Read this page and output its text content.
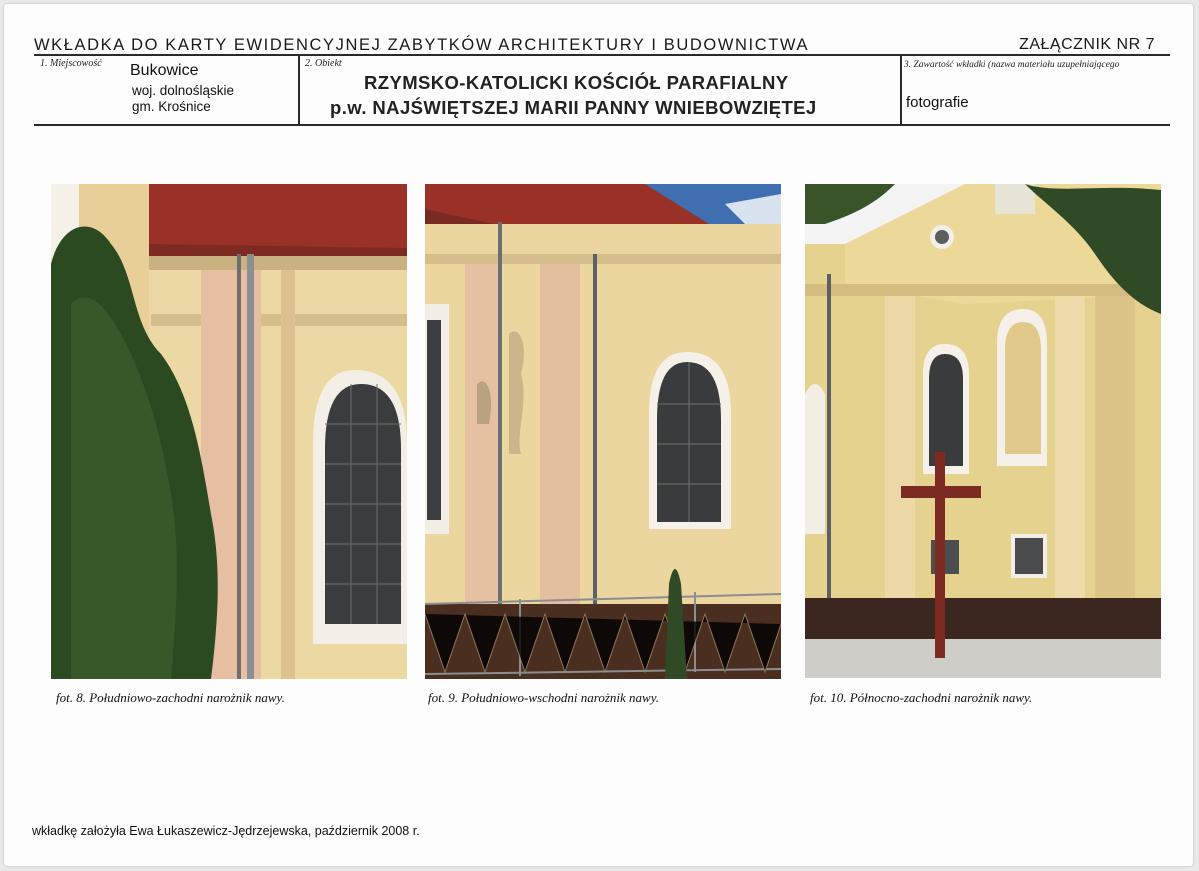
WKŁADKA DO KARTY EWIDENCYJNEJ ZABYTKÓW ARCHITEKTURY I BUDOWNICTWA	ZAŁĄCZNIK NR 7
1. Miejscowość Bukowice
woj. dolnośląskie
gm. Krośnice
2. Obiekt
RZYMSKO-KATOLICKI KOŚCIÓŁ PARAFIALNY
p.w. NAJŚWIĘTSZEJ MARII PANNY WNIEBOWZIĘTEJ
3. Zawartość wkładki (nazwa materiału uzupełniającego
fotografie
fot. 8. Południowo-zachodni narożnik nawy.	fot. 9. Południowo-wschodni narożnik nawy.	fot. 10. Północno-zachodni narożnik nawy.
wkładkę założyła Ewa Łukaszewicz-Jędrzejewska, październik 2008 r.
